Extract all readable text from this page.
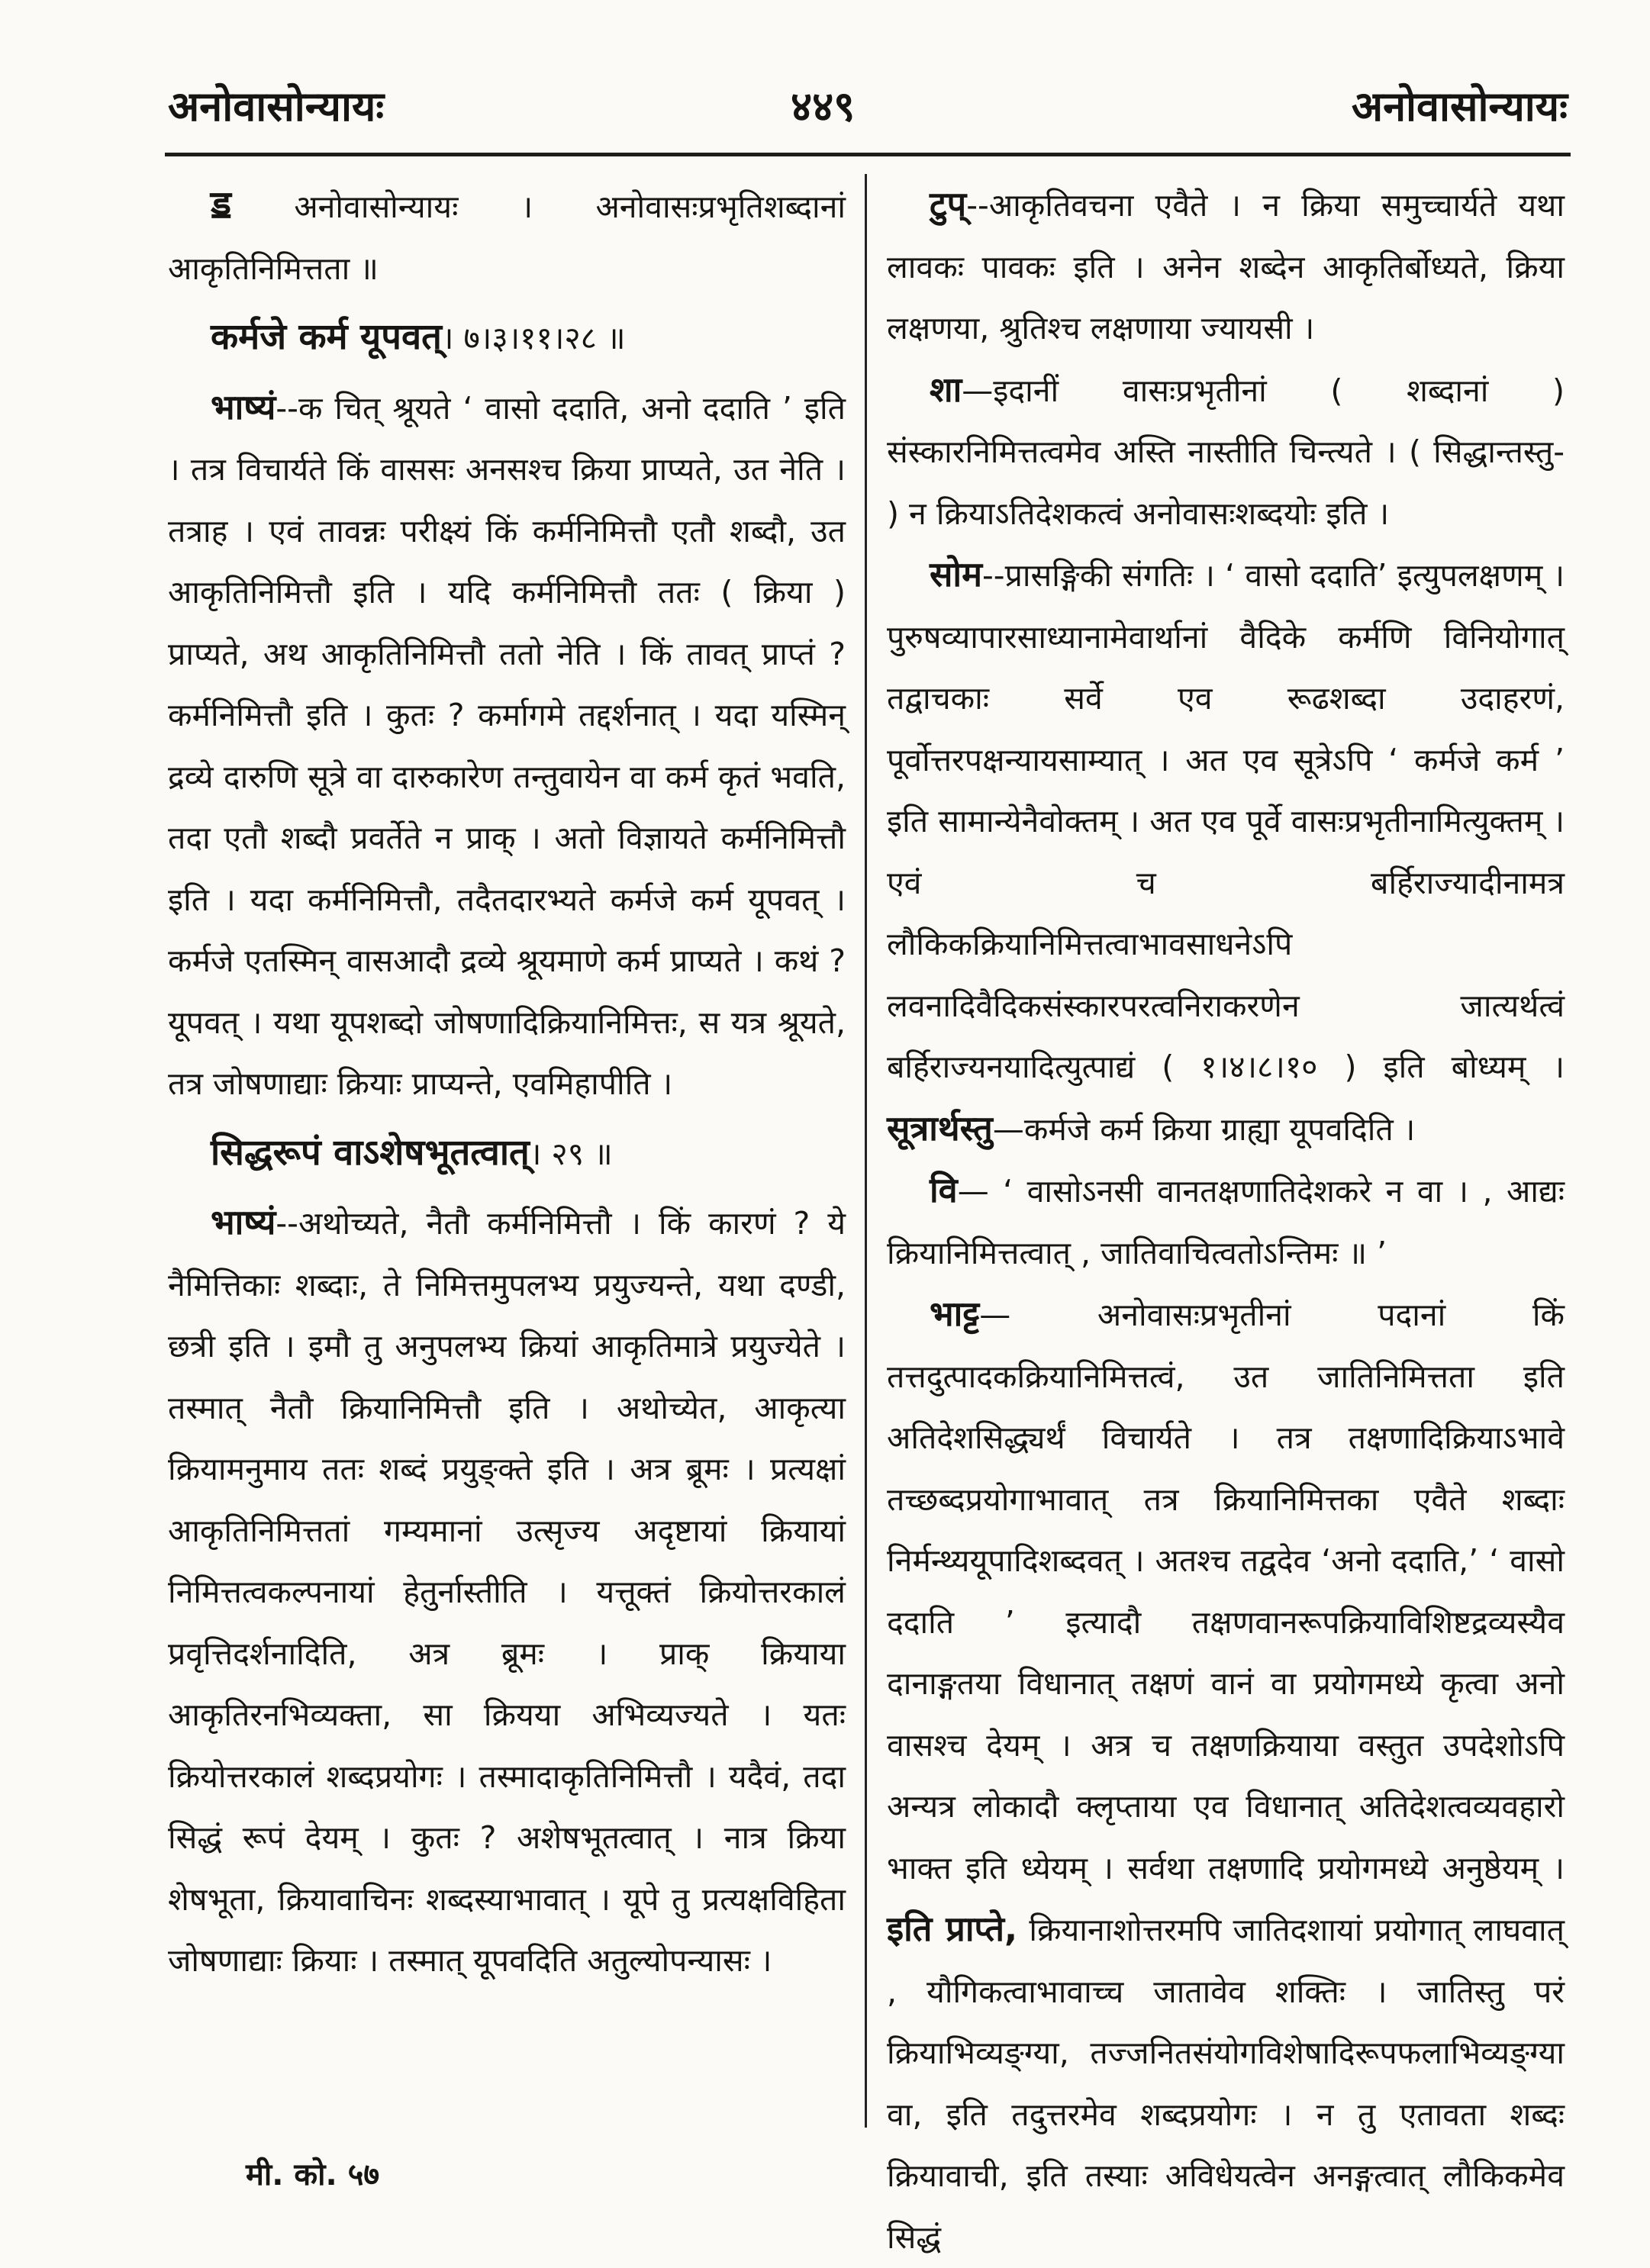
अनोवासोन्यायः	४४९	अनोवासोन्यायः

ॾ अनोवासोन्यायः । अनोवासःप्रभृतिशब्दानां आकृतिनिमित्तता ॥

कर्मजे कर्म यूपवत्। ७।३।११।२८ ॥

भाष्यं--क चित् श्रूयते ‘ वासो ददाति, अनो ददाति ’ इति । तत्र विचार्यते किं वाससः अनसश्च क्रिया प्राप्यते, उत नेति । तत्राह । एवं तावन्नः परीक्ष्यं किं कर्मनिमित्तौ एतौ शब्दौ, उत आकृतिनिमित्तौ इति । यदि कर्मनिमित्तौ ततः ( क्रिया ) प्राप्यते, अथ आकृतिनिमित्तौ ततो नेति । किं तावत् प्राप्तं ? कर्मनिमित्तौ इति । कुतः ? कर्मागमे तद्दर्शनात् । यदा यस्मिन् द्रव्ये दारुणि सूत्रे वा दारुकारेण तन्तुवायेन वा कर्म कृतं भवति, तदा एतौ शब्दौ प्रवर्तेते न प्राक् । अतो विज्ञायते कर्मनिमित्तौ इति । यदा कर्मनिमित्तौ, तदैतदारभ्यते कर्मजे कर्म यूपवत् । कर्मजे एतस्मिन् वासआदौ द्रव्ये श्रूयमाणे कर्म प्राप्यते । कथं ? यूपवत् । यथा यूपशब्दो जोषणादिक्रियानिमित्तः, स यत्र श्रूयते, तत्र जोषणाद्याः क्रियाः प्राप्यन्ते, एवमिहापीति ।

सिद्धरूपं वाऽशेषभूतत्वात्। २९ ॥

भाष्यं--अथोच्यते, नैतौ कर्मनिमित्तौ । किं कारणं ? ये नैमित्तिकाः शब्दाः, ते निमित्तमुपलभ्य प्रयुज्यन्ते, यथा दण्डी, छत्री इति । इमौ तु अनुपलभ्य क्रियां आकृतिमात्रे प्रयुज्येते । तस्मात् नैतौ क्रियानिमित्तौ इति । अथोच्येत, आकृत्या क्रियामनुमाय ततः शब्दं प्रयुङ्क्ते इति । अत्र ब्रूमः । प्रत्यक्षां आकृतिनिमित्ततां गम्यमानां उत्सृज्य अदृष्टायां क्रियायां निमित्तत्वकल्पनायां हेतुर्नास्तीति । यत्तूक्तं क्रियोत्तरकालं प्रवृत्तिदर्शनादिति, अत्र ब्रूमः । प्राक् क्रियाया आकृतिरनभिव्यक्ता, सा क्रियया अभिव्यज्यते । यतः क्रियोत्तरकालं शब्दप्रयोगः । तस्मादाकृतिनिमित्तौ । यदैवं, तदा सिद्धं रूपं देयम् । कुतः ? अशेषभूतत्वात् । नात्र क्रिया शेषभूता, क्रियावाचिनः शब्दस्याभावात् । यूपे तु प्रत्यक्षविहिता जोषणाद्याः क्रियाः । तस्मात् यूपवदिति अतुल्योपन्यासः ।

टुप्--आकृतिवचना एवैते । न क्रिया समुच्चार्यते यथा लावकः पावकः इति । अनेन शब्देन आकृतिर्बोध्यते, क्रिया लक्षणया, श्रुतिश्च लक्षणाया ज्यायसी ।

शा—इदानीं वासःप्रभृतीनां ( शब्दानां ) संस्कारनिमित्तत्वमेव अस्ति नास्तीति चिन्त्यते । ( सिद्धान्तस्तु- ) न क्रियाऽतिदेशकत्वं अनोवासःशब्दयोः इति ।

सोम--प्रासङ्गिकी संगतिः । ‘ वासो ददाति’ इत्युपलक्षणम् । पुरुषव्यापारसाध्यानामेवार्थानां वैदिके कर्मणि विनियोगात् तद्वाचकाः सर्वे एव रूढशब्दा उदाहरणं, पूर्वोत्तरपक्षन्यायसाम्यात् । अत एव सूत्रेऽपि ‘ कर्मजे कर्म ’ इति सामान्येनैवोक्तम् । अत एव पूर्वे वासःप्रभृतीनामित्युक्तम् । एवं च बर्हिराज्यादीनामत्र लौकिकक्रियानिमित्तत्वाभावसाधनेऽपि लवनादिवैदिकसंस्कारपरत्वनिराकरणेन जात्यर्थत्वं बर्हिराज्यनयादित्युत्पाद्यं ( १।४।८।१० ) इति बोध्यम् । सूत्रार्थस्तु—कर्मजे कर्म क्रिया ग्राह्या यूपवदिति ।

वि— ‘ वासोऽनसी वानतक्षणातिदेशकरे न वा । , आद्यः क्रियानिमित्तत्वात् , जातिवाचित्वतोऽन्तिमः ॥ ’

भाट्ट— अनोवासःप्रभृतीनां पदानां किं तत्तदुत्पादकक्रियानिमित्तत्वं, उत जातिनिमित्तता इति अतिदेशसिद्ध्यर्थं विचार्यते । तत्र तक्षणादिक्रियाऽभावे तच्छब्दप्रयोगाभावात् तत्र क्रियानिमित्तका एवैते शब्दाः निर्मन्थ्ययूपादिशब्दवत् । अतश्च तद्वदेव ‘अनो ददाति,’ ‘ वासो ददाति ’ इत्यादौ तक्षणवानरूपक्रियाविशिष्टद्रव्यस्यैव दानाङ्गतया विधानात् तक्षणं वानं वा प्रयोगमध्ये कृत्वा अनो वासश्च देयम् । अत्र च तक्षणक्रियाया वस्तुत उपदेशोऽपि अन्यत्र लोकादौ क्लृप्ताया एव विधानात् अतिदेशत्वव्यवहारो भाक्त इति ध्येयम् । सर्वथा तक्षणादि प्रयोगमध्ये अनुष्ठेयम् । इति प्राप्ते, क्रियानाशोत्तरमपि जातिदशायां प्रयोगात् लाघवात् , यौगिकत्वाभावाच्च जातावेव शक्तिः । जातिस्तु परं क्रियाभिव्यङ्ग्या, तज्जनितसंयोगविशेषादिरूपफलाभिव्यङ्ग्या वा, इति तदुत्तरमेव शब्दप्रयोगः । न तु एतावता शब्दः क्रियावाची, इति तस्याः अविधेयत्वेन अनङ्गत्वात् लौकिकमेव सिद्धं

मी. को. ५७
